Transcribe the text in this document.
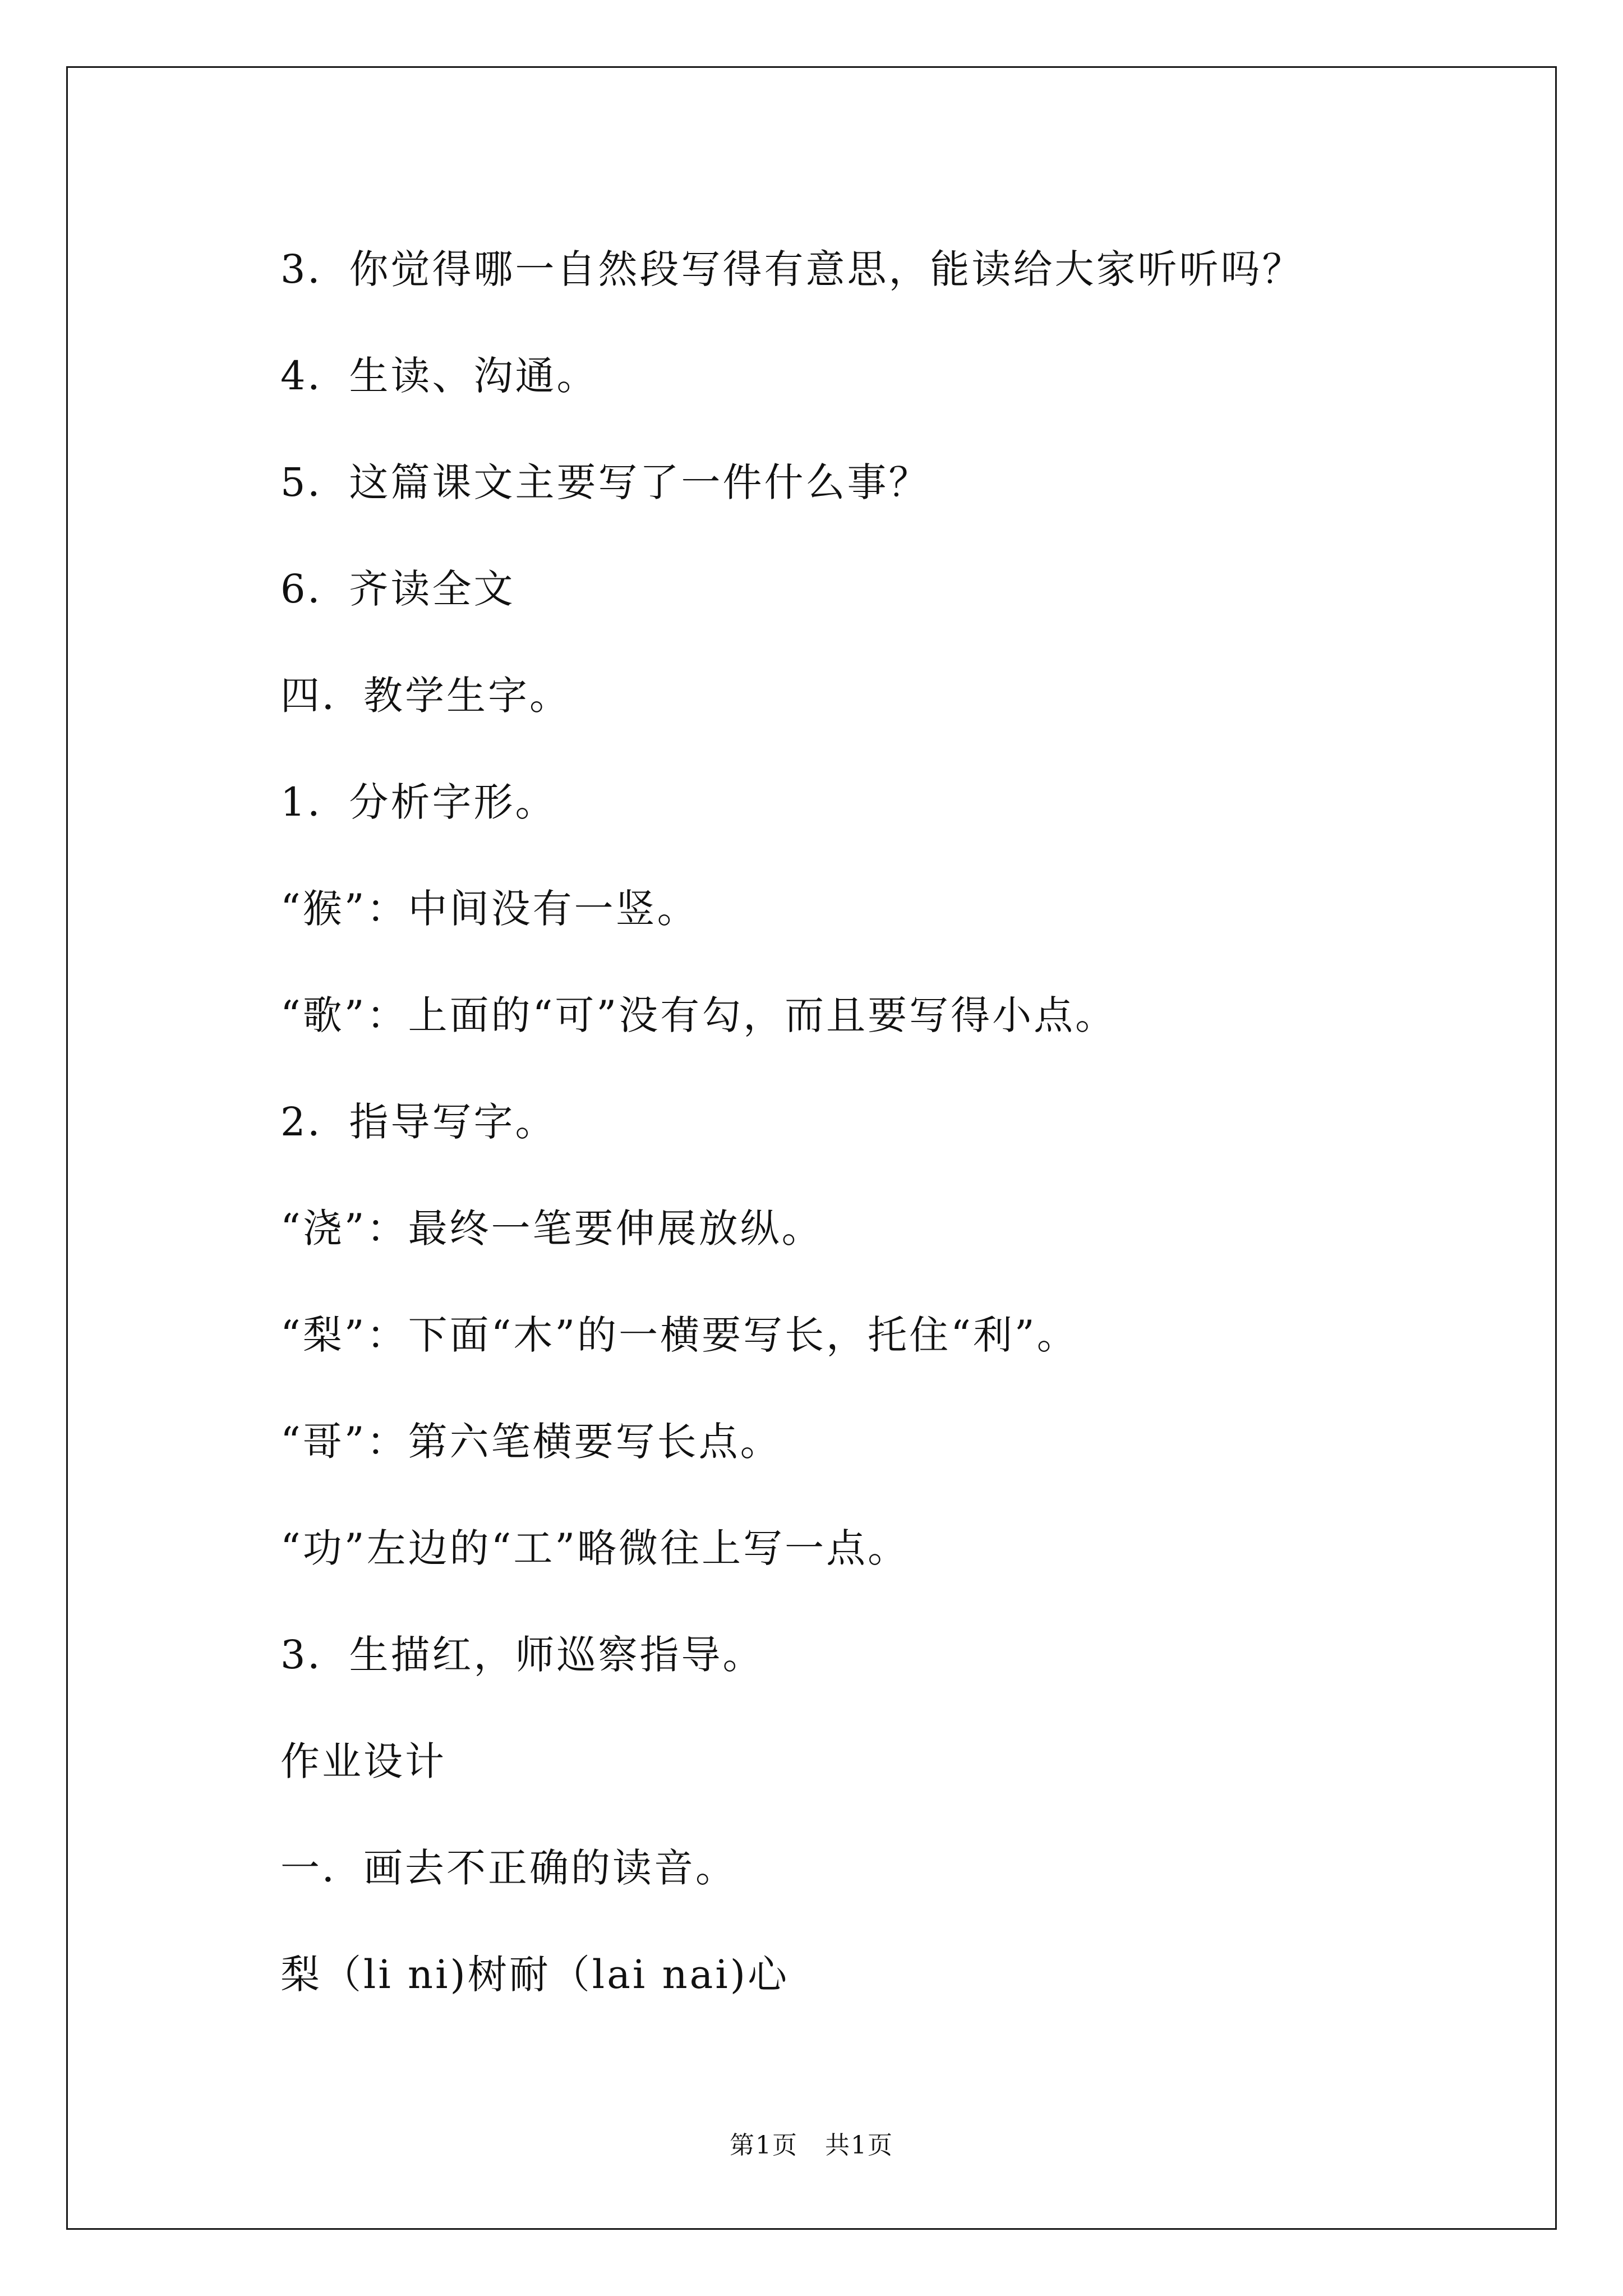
3．你觉得哪一自然段写得有意思，能读给大家听听吗？
4．生读、沟通。
5．这篇课文主要写了一件什么事？
6．齐读全文
四．教学生字。
1．分析字形。
“猴”：中间没有一竖。
“歌”：上面的“可”没有勾，而且要写得小点。
2．指导写字。
“浇”：最终一笔要伸展放纵。
“梨”：下面“木”的一横要写长，托住“利”。
“哥”：第六笔横要写长点。
“功”左边的“工”略微往上写一点。
3．生描红，师巡察指导。
作业设计
一．画去不正确的读音。
梨（li ni)树耐（lai nai)心
第1页 共1页
